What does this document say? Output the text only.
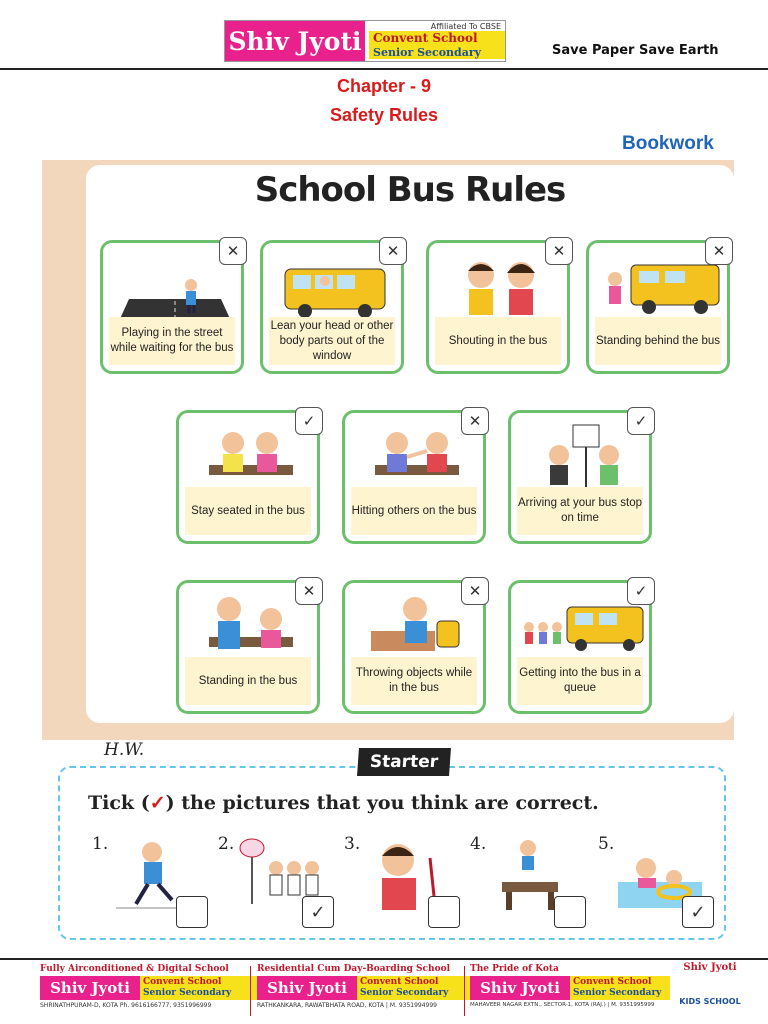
Shiv Jyoti
Affiliated To CBSE
Convent School
Senior Secondary	Save Paper Save Earth
Chapter - 9
Safety Rules
Bookwork
School Bus Rules
✕
Playing in the street while waiting for the bus
✕
Lean your head or other body parts out of the window
✕
Shouting in the bus
✕
Standing behind the bus
✓
Stay seated in the bus
✕
Hitting others on the bus
✓
Arriving at your bus stop on time
✕
Standing in the bus
✕
Throwing objects while in the bus
✓
Getting into the bus in a queue
H.W.
Starter
Tick (✓) the pictures that you think are correct.
1.	2.
✓
3.	4.	5.
✓
Fully Airconditioned & Digital School
Shiv Jyoti	Convent School
Senior Secondary
SHRINATHPURAM-D, KOTA Ph. 9616166777, 9351996999
Residential Cum Day-Boarding School
Shiv Jyoti	Convent School
Senior Secondary
RATHKANKARA, RAWATBHATA ROAD, KOTA | M. 9351994999
The Pride of Kota
Shiv Jyoti	Convent School
Senior Secondary
MAHAVEER NAGAR EXTN., SECTOR-1, KOTA (RAJ.) | M. 9351995999
Shiv Jyoti
KIDS SCHOOL
